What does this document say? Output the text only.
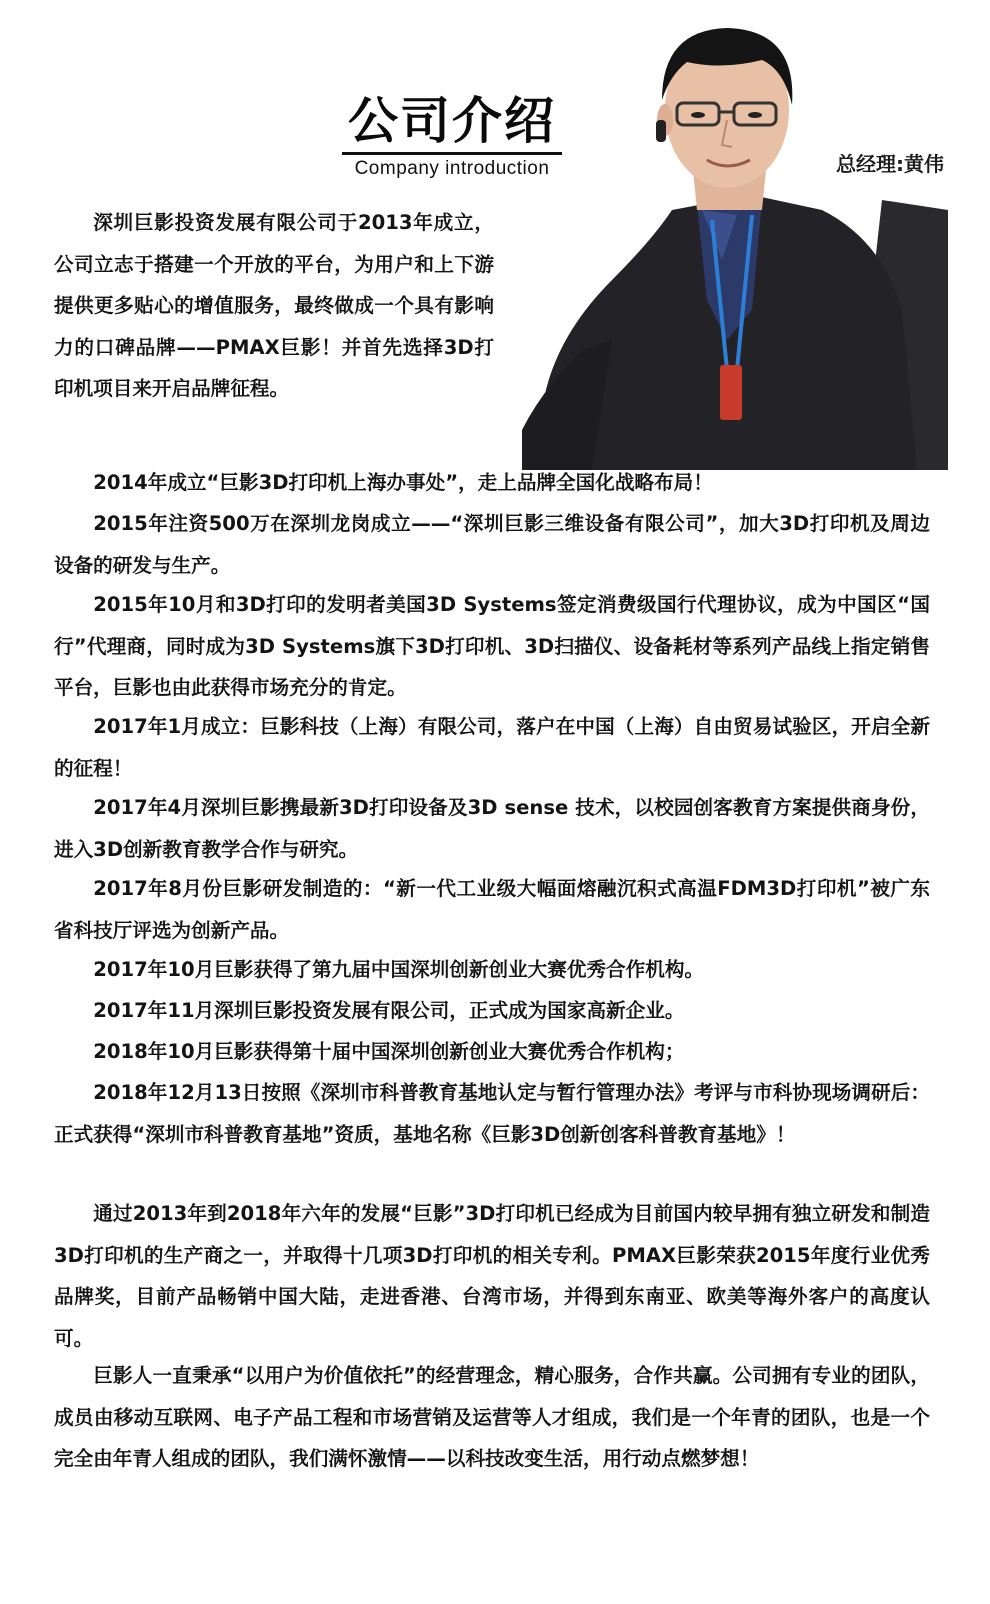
公司介绍
Company introduction	总经理:黄伟

深圳巨影投资发展有限公司于2013年成立，公司立志于搭建一个开放的平台，为用户和上下游提供更多贴心的增值服务，最终做成一个具有影响力的口碑品牌——PMAX巨影！并首先选择3D打印机项目来开启品牌征程。

2014年成立“巨影3D打印机上海办事处”，走上品牌全国化战略布局！

2015年注资500万在深圳龙岗成立——“深圳巨影三维设备有限公司”，加大3D打印机及周边设备的研发与生产。

2015年10月和3D打印的发明者美国3D Systems签定消费级国行代理协议，成为中国区“国行”代理商，同时成为3D Systems旗下3D打印机、3D扫描仪、设备耗材等系列产品线上指定销售平台，巨影也由此获得市场充分的肯定。

2017年1月成立：巨影科技（上海）有限公司，落户在中国（上海）自由贸易试验区，开启全新的征程！

2017年4月深圳巨影携最新3D打印设备及3D sense 技术，以校园创客教育方案提供商身份，进入3D创新教育教学合作与研究。

2017年8月份巨影研发制造的：“新一代工业级大幅面熔融沉积式高温FDM3D打印机”被广东省科技厅评选为创新产品。

2017年10月巨影获得了第九届中国深圳创新创业大赛优秀合作机构。

2017年11月深圳巨影投资发展有限公司，正式成为国家高新企业。

2018年10月巨影获得第十届中国深圳创新创业大赛优秀合作机构；

2018年12月13日按照《深圳市科普教育基地认定与暂行管理办法》考评与市科协现场调研后：正式获得“深圳市科普教育基地”资质，基地名称《巨影3D创新创客科普教育基地》！

通过2013年到2018年六年的发展“巨影”3D打印机已经成为目前国内较早拥有独立研发和制造3D打印机的生产商之一，并取得十几项3D打印机的相关专利。PMAX巨影荣获2015年度行业优秀品牌奖，目前产品畅销中国大陆，走进香港、台湾市场，并得到东南亚、欧美等海外客户的高度认可。

巨影人一直秉承“以用户为价值依托”的经营理念，精心服务，合作共赢。公司拥有专业的团队，成员由移动互联网、电子产品工程和市场营销及运营等人才组成，我们是一个年青的团队，也是一个完全由年青人组成的团队，我们满怀激情——以科技改变生活，用行动点燃梦想！
